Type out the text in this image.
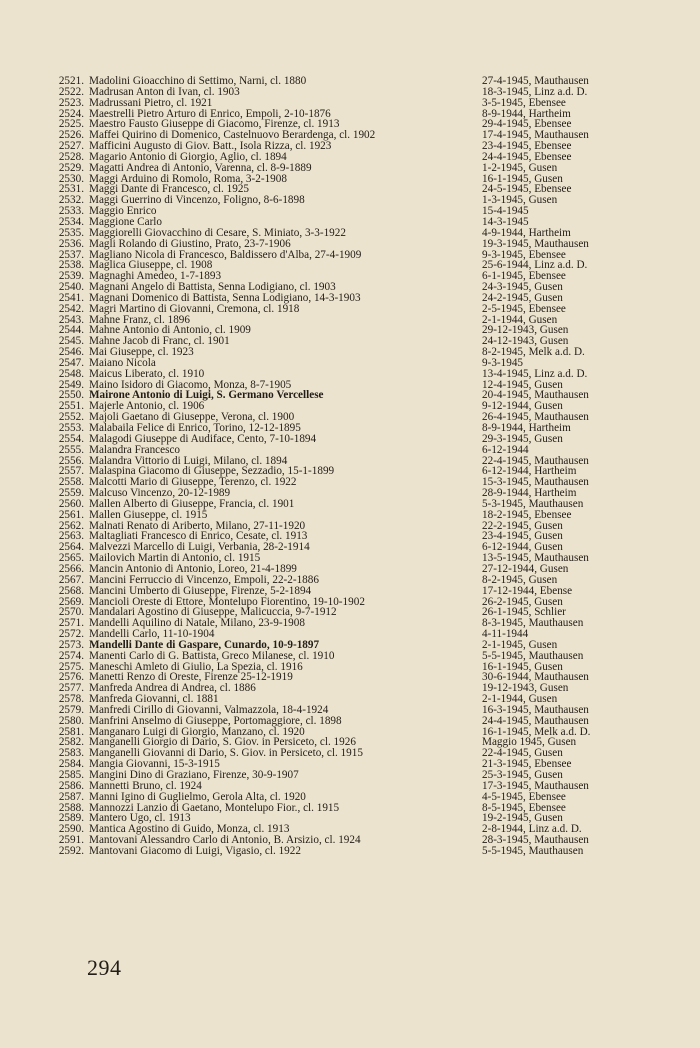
2521. Madolini Gioacchino di Settimo, Narni, cl. 1880	27-4-1945, Mauthausen
2522. Madrusan Anton di Ivan, cl. 1903	18-3-1945, Linz a.d. D.
2523. Madrussani Pietro, cl. 1921	3-5-1945, Ebensee
2524. Maestrelli Pietro Arturo di Enrico, Empoli, 2-10-1876	8-9-1944, Hartheim
2525. Maestro Fausto Giuseppe di Giacomo, Firenze, cl. 1913	29-4-1945, Ebensee
2526. Maffei Quirino di Domenico, Castelnuovo Berardenga, cl. 1902	17-4-1945, Mauthausen
2527. Mafficini Augusto di Giov. Batt., Isola Rizza, cl. 1923	23-4-1945, Ebensee
2528. Magario Antonio di Giorgio, Aglio, cl. 1894	24-4-1945, Ebensee
2529. Magatti Andrea di Antonio, Varenna, cl. 8-9-1889	1-2-1945, Gusen
2530. Maggi Arduino di Romolo, Roma, 3-2-1908	16-1-1945, Gusen
2531. Maggi Dante di Francesco, cl. 1925	24-5-1945, Ebensee
2532. Maggi Guerrino di Vincenzo, Foligno, 8-6-1898	1-3-1945, Gusen
2533. Maggio Enrico	15-4-1945
2534. Maggione Carlo	14-3-1945
2535. Maggiorelli Giovacchino di Cesare, S. Miniato, 3-3-1922	4-9-1944, Hartheim
2536. Magli Rolando di Giustino, Prato, 23-7-1906	19-3-1945, Mauthausen
2537. Magliano Nicola di Francesco, Baldissero d'Alba, 27-4-1909	9-3-1945, Ebensee
2538. Maglica Giuseppe, cl. 1908	25-6-1944, Linz a.d. D.
2539. Magnaghi Amedeo, 1-7-1893	6-1-1945, Ebensee
2540. Magnani Angelo di Battista, Senna Lodigiano, cl. 1903	24-3-1945, Gusen
2541. Magnani Domenico di Battista, Senna Lodigiano, 14-3-1903	24-2-1945, Gusen
2542. Magri Martino di Giovanni, Cremona, cl. 1918	2-5-1945, Ebensee
2543. Mahne Franz, cl. 1896	2-1-1944, Gusen
2544. Mahne Antonio di Antonio, cl. 1909	29-12-1943, Gusen
2545. Mahne Jacob di Franc, cl. 1901	24-12-1943, Gusen
2546. Mai Giuseppe, cl. 1923	8-2-1945, Melk a.d. D.
2547. Maiano Nicola	9-3-1945
2548. Maicus Liberato, cl. 1910	13-4-1945, Linz a.d. D.
2549. Maino Isidoro di Giacomo, Monza, 8-7-1905	12-4-1945, Gusen
2550. Mairone Antonio di Luigi, S. Germano Vercellese	20-4-1945, Mauthausen
2551. Majerle Antonio, cl. 1906	9-12-1944, Gusen
2552. Majoli Gaetano di Giuseppe, Verona, cl. 1900	26-4-1945, Mauthausen
2553. Malabaila Felice di Enrico, Torino, 12-12-1895	8-9-1944, Hartheim
2554. Malagodi Giuseppe di Audiface, Cento, 7-10-1894	29-3-1945, Gusen
2555. Malandra Francesco	6-12-1944
2556. Malandra Vittorio di Luigi, Milano, cl. 1894	22-4-1945, Mauthausen
2557. Malaspina Giacomo di Giuseppe, Sezzadio, 15-1-1899	6-12-1944, Hartheim
2558. Malcotti Mario di Giuseppe, Terenzo, cl. 1922	15-3-1945, Mauthausen
2559. Malcuso Vincenzo, 20-12-1989	28-9-1944, Hartheim
2560. Mallen Alberto di Giuseppe, Francia, cl. 1901	5-3-1945, Mauthausen
2561. Mallen Giuseppe, cl. 1915	18-2-1945, Ebensee
2562. Malnati Renato di Ariberto, Milano, 27-11-1920	22-2-1945, Gusen
2563. Maltagliati Francesco di Enrico, Cesate, cl. 1913	23-4-1945, Gusen
2564. Malvezzi Marcello di Luigi, Verbania, 28-2-1914	6-12-1944, Gusen
2565. Mailovich Martin di Antonio, cl. 1915	13-5-1945, Mauthausen
2566. Mancin Antonio di Antonio, Loreo, 21-4-1899	27-12-1944, Gusen
2567. Mancini Ferruccio di Vincenzo, Empoli, 22-2-1886	8-2-1945, Gusen
2568. Mancini Umberto di Giuseppe, Firenze, 5-2-1894	17-12-1944, Ebense
2569. Mancioli Oreste di Ettore, Montelupo Fiorentino, 19-10-1902	26-2-1945, Gusen
2570. Mandalari Agostino di Giuseppe, Malicuccia, 9-7-1912	26-1-1945, Schlier
2571. Mandelli Aquilino di Natale, Milano, 23-9-1908	8-3-1945, Mauthausen
2572. Mandelli Carlo, 11-10-1904	4-11-1944
2573. Mandelli Dante di Gaspare, Cunardo, 10-9-1897	2-1-1945, Gusen
2574. Manenti Carlo di G. Battista, Greco Milanese, cl. 1910	5-5-1945, Mauthausen
2575. Maneschi Amleto di Giulio, La Spezia, cl. 1916	16-1-1945, Gusen
2576. Manetti Renzo di Oreste, Firenze 25-12-1919	30-6-1944, Mauthausen
2577. Manfreda Andrea di Andrea, cl. 1886	19-12-1943, Gusen
2578. Manfreda Giovanni, cl. 1881	2-1-1944, Gusen
2579. Manfredi Cirillo di Giovanni, Valmazzola, 18-4-1924	16-3-1945, Mauthausen
2580. Manfrini Anselmo di Giuseppe, Portomaggiore, cl. 1898	24-4-1945, Mauthausen
2581. Manganaro Luigi di Giorgio, Manzano, cl. 1920	16-1-1945, Melk a.d. D.
2582. Manganelli Giorgio di Dario, S. Giov. in Persiceto, cl. 1926	Maggio 1945, Gusen
2583. Manganelli Giovanni di Dario, S. Giov. in Persiceto, cl. 1915	22-4-1945, Gusen
2584. Mangia Giovanni, 15-3-1915	21-3-1945, Ebensee
2585. Mangini Dino di Graziano, Firenze, 30-9-1907	25-3-1945, Gusen
2586. Mannetti Bruno, cl. 1924	17-3-1945, Mauthausen
2587. Manni Igino di Guglielmo, Gerola Alta, cl. 1920	4-5-1945, Ebensee
2588. Mannozzi Lanzio di Gaetano, Montelupo Fior., cl. 1915	8-5-1945, Ebensee
2589. Mantero Ugo, cl. 1913	19-2-1945, Gusen
2590. Mantica Agostino di Guido, Monza, cl. 1913	2-8-1944, Linz a.d. D.
2591. Mantovani Alessandro Carlo di Antonio, B. Arsizio, cl. 1924	28-3-1945, Mauthausen
2592. Mantovani Giacomo di Luigi, Vigasio, cl. 1922	5-5-1945, Mauthausen
294
